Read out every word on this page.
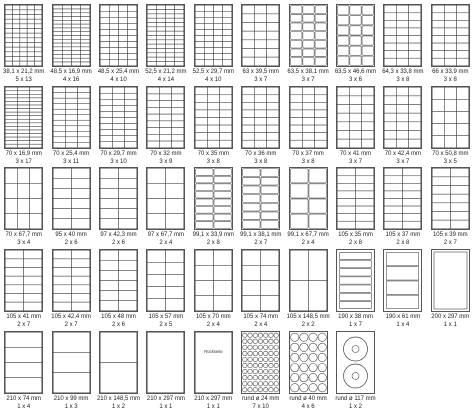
38,1 x 21,2 mm
5 x 13
48,5 x 16,9 mm
4 x 16
48,5 x 25,4 mm
4 x 10
52,5 x 21,2 mm
4 x 14
52,5 x 29,7 mm
4 x 10
63 x 39,5 mm
3 x 7
63,5 x 38,1 mm
3 x 7
63,5 x 46,6 mm
3 x 6
64,3 x 33,8 mm
3 x 8
66 x 33,9 mm
3 x 8
70 x 16,9 mm
3 x 17
70 x 25,4 mm
3 x 11
70 x 29,7 mm
3 x 10
70 x 32 mm
3 x 9
70 x 35 mm
3 x 8
70 x 36 mm
3 x 8
70 x 37 mm
3 x 8
70 x 41 mm
3 x 7
70 x 42,4 mm
3 x 7
70 x 50,8 mm
3 x 5
70 x 67,7 mm
3 x 4
95 x 40 mm
2 x 6
97 x 42,3 mm
2 x 6
97 x 67,7 mm
2 x 4
99,1 x 33,9 mm
2 x 8
99,1 x 38,1 mm
2 x 7
99,1 x 67,7 mm
2 x 4
105 x 35 mm
2 x 8
105 x 37 mm
2 x 8
105 x 39 mm
2 x 7
105 x 41 mm
2 x 7
105 x 42,4 mm
2 x 7
105 x 48 mm
2 x 6
105 x 57 mm
2 x 5
105 x 70 mm
2 x 4
105 x 74 mm
2 x 4
105 x 148,5 mm
2 x 2
190 x 38 mm
1 x 7
190 x 61 mm
1 x 4
200 x 297 mm
1 x 1
210 x 74 mm
1 x 4
210 x 99 mm
1 x 3
210 x 148,5 mm
1 x 2
210 x 297 mm
1 x 1
Rückseite
210 x 297 mm
1 x 1
rund ø 24 mm
7 x 10
rund ø 40 mm
4 x 6
rund ø 117 mm
1 x 2
